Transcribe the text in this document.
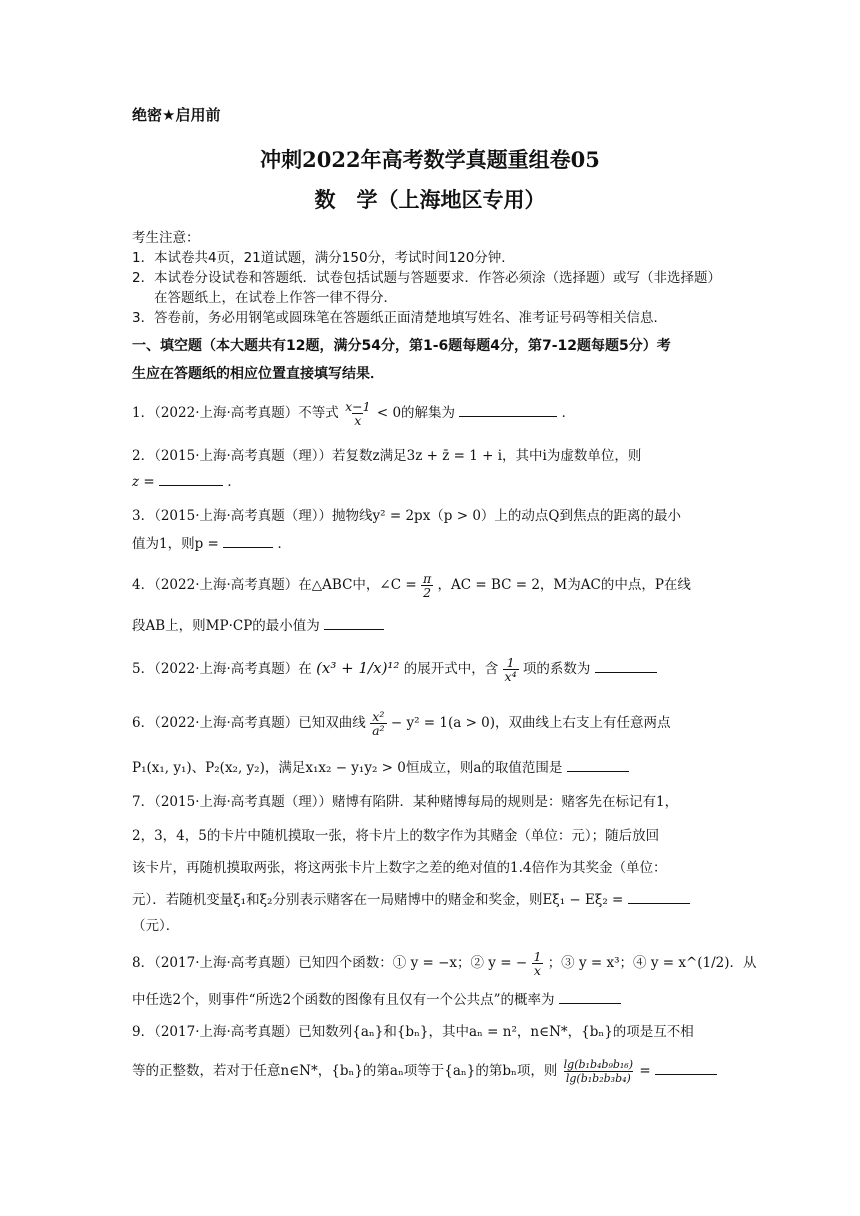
绝密★启用前
冲刺2022年高考数学真题重组卷05
数　学（上海地区专用）
考生注意：
1． 本试卷共4页，21道试题，满分150分，考试时间120分钟．
2． 本试卷分设试卷和答题纸．试卷包括试题与答题要求．作答必须涂（选择题）或写（非选择题）在答题纸上，在试卷上作答一律不得分．
3． 答卷前，务必用钢笔或圆珠笔在答题纸正面清楚地填写姓名、准考证号码等相关信息．
一、填空题（本大题共有12题，满分54分，第1-6题每题4分，第7-12题每题5分）考
生应在答题纸的相应位置直接填写结果．
1．（2022·上海·高考真题）不等式 $\frac{x-1}{x} < 0$的解集为	．
2．（2015·上海·高考真题（理））若复数z满足3z + z̄ = 1 + i，其中i为虚数单位，则
z =	．
3．（2015·上海·高考真题（理））抛物线y² = 2px（p > 0）上的动点Q到焦点的距离的最小
值为1，则p =	．
4．（2022·上海·高考真题）在△ABC中，∠C = $\frac{\pi}{2}$ ，AC = BC = 2，M为AC的中点，P在线
段AB上，则MP·CP的最小值为
5．（2022·上海·高考真题）在 (x³ + 1/x)¹² 的展开式中，含 $\frac{1}{\text{x⁴}}$ 项的系数为
6．（2022·上海·高考真题）已知双曲线 $\frac{\text{x²}}{\text{a²}} - y^2 = 1(a > 0)$，双曲线上右支上有任意两点
P₁(x₁, y₁)、P₂(x₂, y₂)，满足x₁x₂ − y₁y₂ > 0恒成立，则a的取值范围是
7．（2015·上海·高考真题（理））赌博有陷阱．某种赌博每局的规则是：赌客先在标记有1，
2，3，4，5的卡片中随机摸取一张，将卡片上的数字作为其赌金（单位：元）；随后放回
该卡片，再随机摸取两张，将这两张卡片上数字之差的绝对值的1.4倍作为其奖金（单位：
元）．若随机变量ξ₁和ξ₂分别表示赌客在一局赌博中的赌金和奖金，则Eξ₁ − Eξ₂ =
（元）．
8．（2017·上海·高考真题）已知四个函数：① y = −x；② y = − $\frac{1}{x}$ ；③ y = x³；④ y = x^(1/2)．从
中任选2个，则事件“所选2个函数的图像有且仅有一个公共点”的概率为
9．（2017·上海·高考真题）已知数列{aₙ}和{bₙ}，其中aₙ = n²，n∈N*，{bₙ}的项是互不相
等的正整数，若对于任意n∈N*，{bₙ}的第aₙ项等于{aₙ}的第bₙ项，则 $\frac{\text{lg(b₁b₄b₉b₁₆)}}{\text{lg(b₁b₂b₃b₄)}}$ =
